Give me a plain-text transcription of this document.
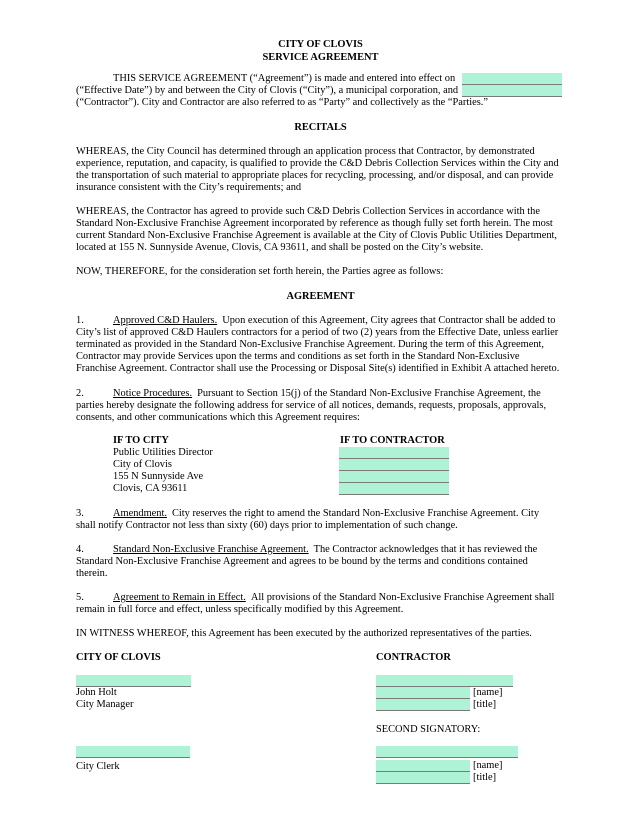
CITY OF CLOVIS
SERVICE AGREEMENT
THIS SERVICE AGREEMENT (“Agreement”) is made and entered into effect on
(“Effective Date”) by and between the City of Clovis (“City”), a municipal corporation, and
(“Contractor”). City and Contractor are also referred to as “Party” and collectively as the “Parties.”
RECITALS
WHEREAS, the City Council has determined through an application process that Contractor, by demonstrated
experience, reputation, and capacity, is qualified to provide the C&D Debris Collection Services within the City and
the transportation of such material to appropriate places for recycling, processing, and/or disposal, and can provide
insurance consistent with the City’s requirements; and
WHEREAS, the Contractor has agreed to provide such C&D Debris Collection Services in accordance with the
Standard Non-Exclusive Franchise Agreement incorporated by reference as though fully set forth herein. The most
current Standard Non-Exclusive Franchise Agreement is available at the City of Clovis Public Utilities Department,
located at 155 N. Sunnyside Avenue, Clovis, CA 93611, and shall be posted on the City’s website.
NOW, THEREFORE, for the consideration set forth herein, the Parties agree as follows:
AGREEMENT
1.	Approved C&D Haulers. Upon execution of this Agreement, City agrees that Contractor shall be added to
City’s list of approved C&D Haulers contractors for a period of two (2) years from the Effective Date, unless earlier
terminated as provided in the Standard Non-Exclusive Franchise Agreement. During the term of this Agreement,
Contractor may provide Services upon the terms and conditions as set forth in the Standard Non-Exclusive
Franchise Agreement. Contractor shall use the Processing or Disposal Site(s) identified in Exhibit A attached hereto.
2.	Notice Procedures. Pursuant to Section 15(j) of the Standard Non-Exclusive Franchise Agreement, the
parties hereby designate the following address for service of all notices, demands, requests, proposals, approvals,
consents, and other communications which this Agreement requires:
IF TO CITY
Public Utilities Director
City of Clovis
155 N Sunnyside Ave
Clovis, CA 93611
IF TO CONTRACTOR
3.	Amendment. City reserves the right to amend the Standard Non-Exclusive Franchise Agreement. City
shall notify Contractor not less than sixty (60) days prior to implementation of such change.
4.	Standard Non-Exclusive Franchise Agreement. The Contractor acknowledges that it has reviewed the
Standard Non-Exclusive Franchise Agreement and agrees to be bound by the terms and conditions contained
therein.
5.	Agreement to Remain in Effect. All provisions of the Standard Non-Exclusive Franchise Agreement shall
remain in full force and effect, unless specifically modified by this Agreement.
IN WITNESS WHEREOF, this Agreement has been executed by the authorized representatives of the parties.
CITY OF CLOVIS
John Holt
City Manager
City Clerk
CONTRACTOR
[name]
[title]
SECOND SIGNATORY:
[name]
[title]
